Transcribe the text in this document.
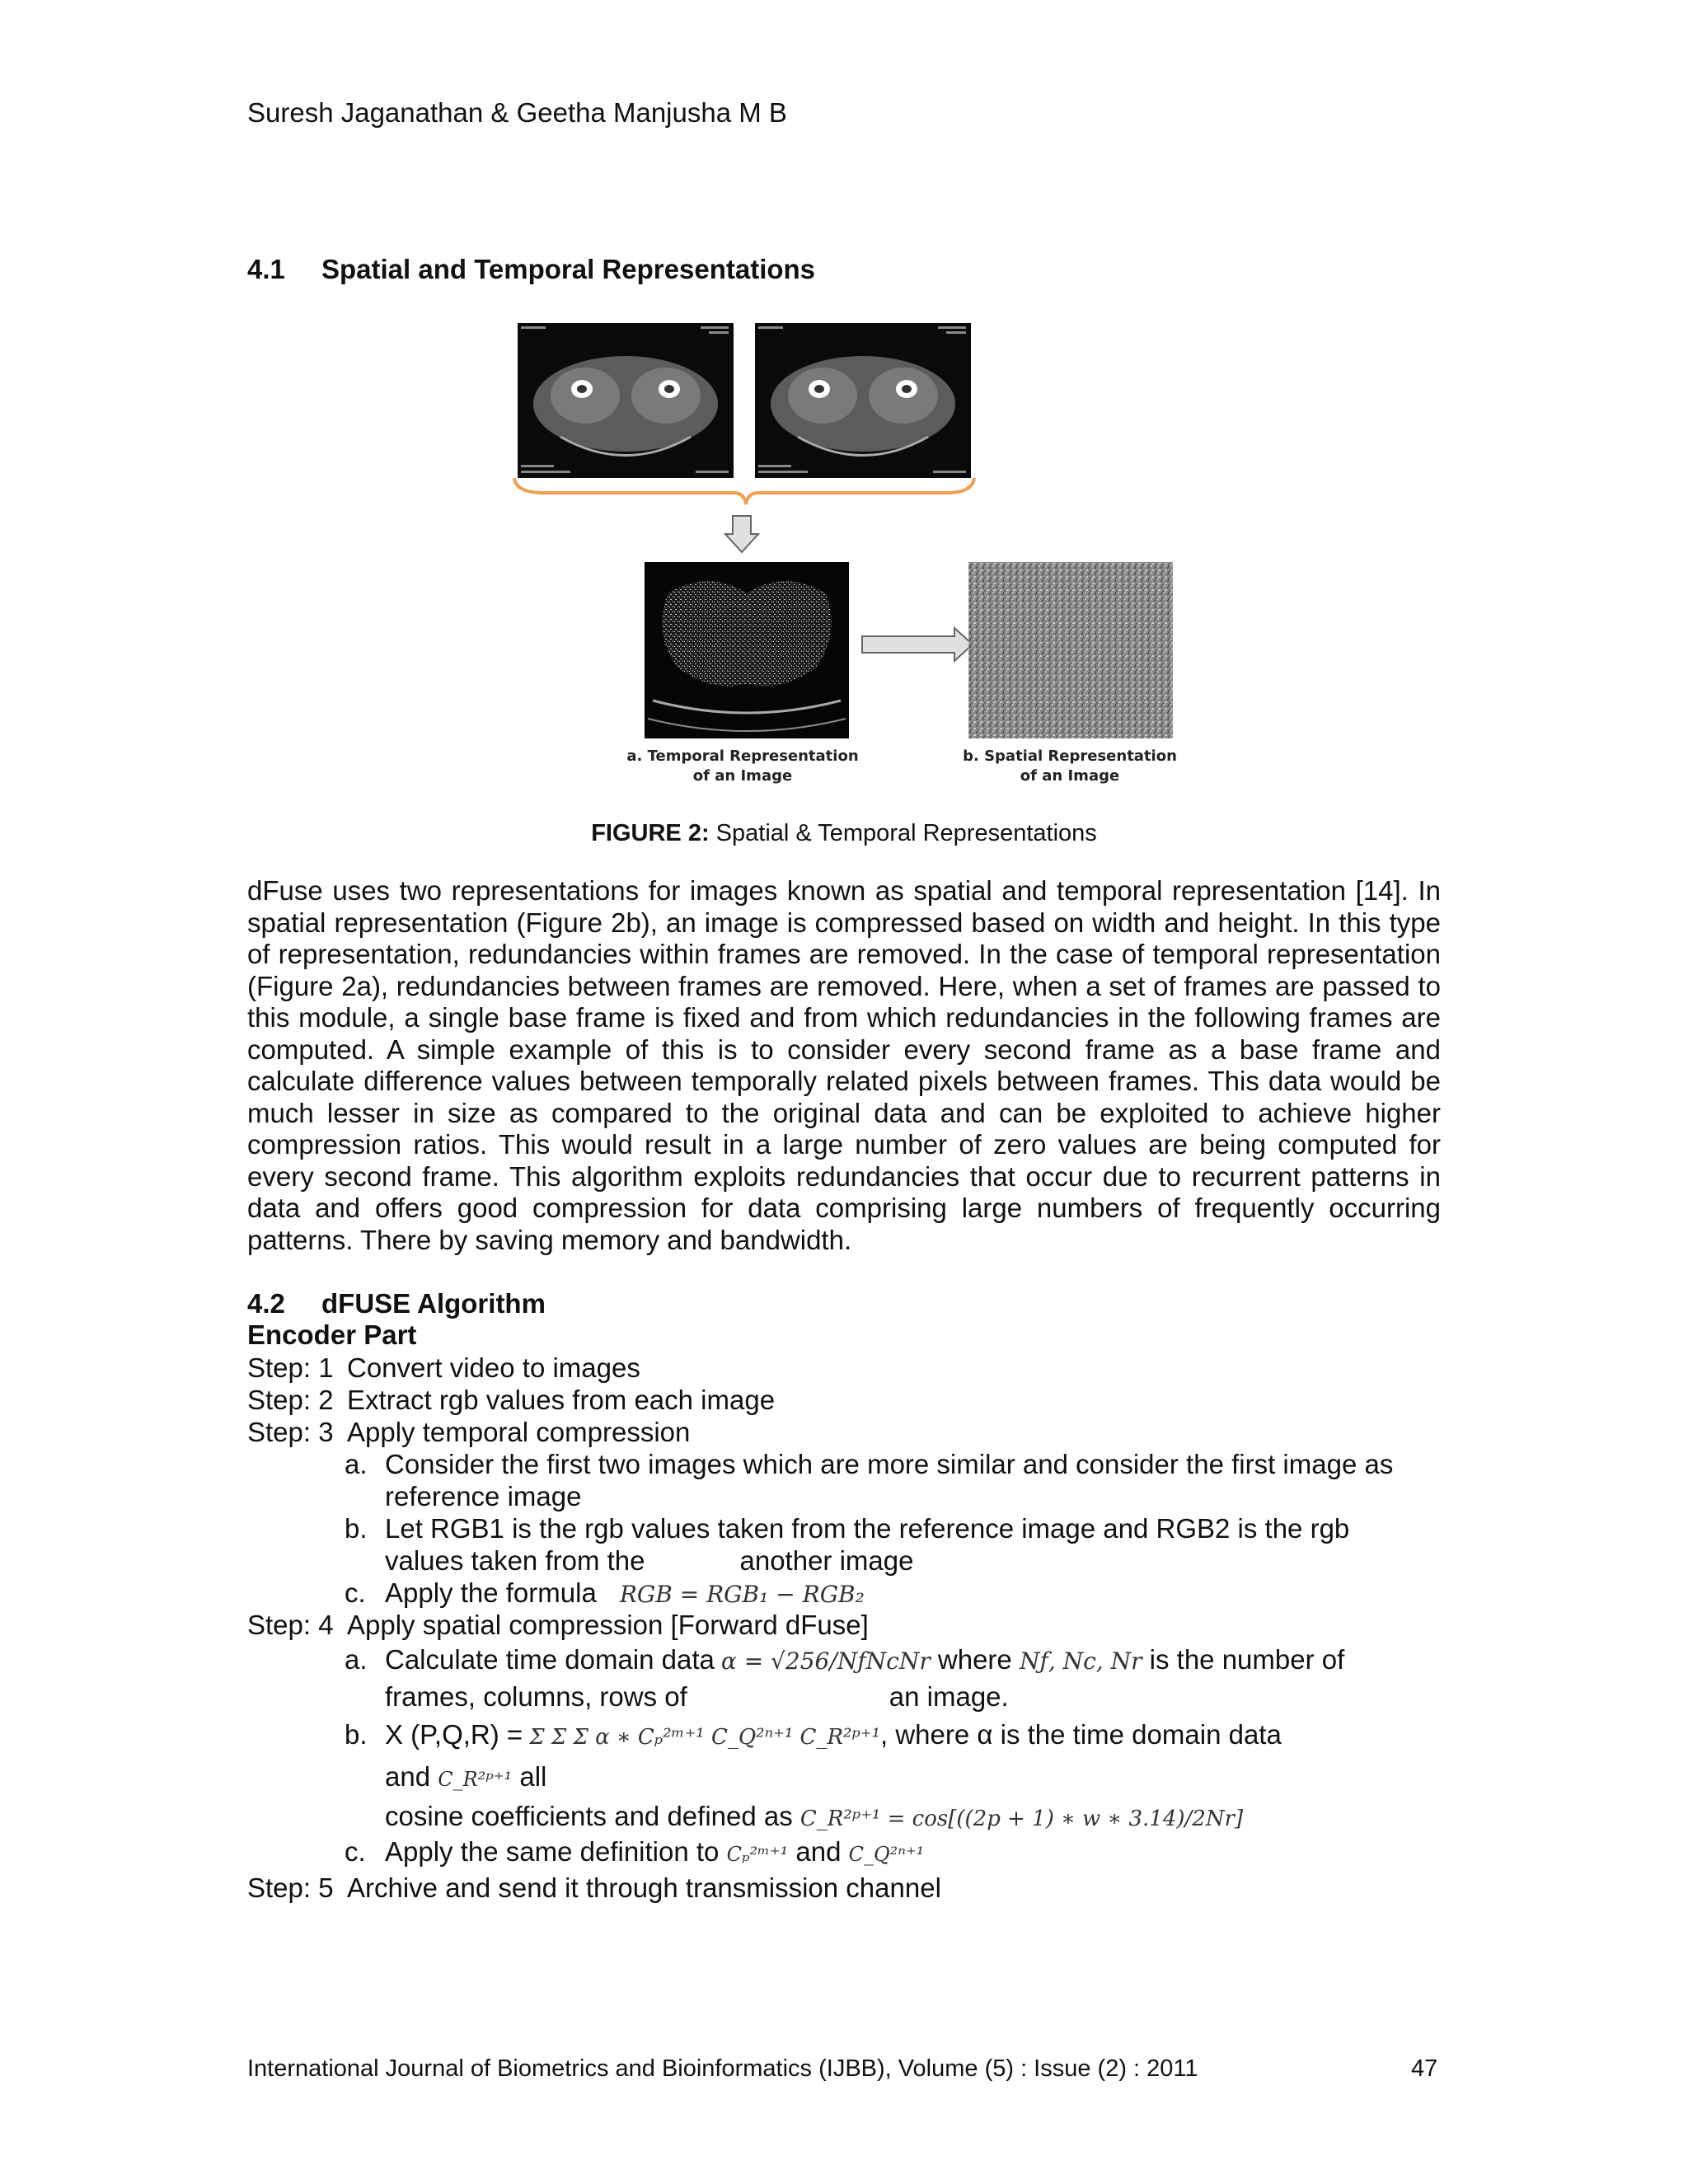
Suresh Jaganathan & Geetha Manjusha M B
4.1 Spatial and Temporal Representations
a. Temporal Representation
of an Image
b. Spatial Representation
of an Image
FIGURE 2: Spatial & Temporal Representations
dFuse uses two representations for images known as spatial and temporal representation [14]. In spatial representation (Figure 2b), an image is compressed based on width and height. In this type of representation, redundancies within frames are removed. In the case of temporal representation (Figure 2a), redundancies between frames are removed. Here, when a set of frames are passed to this module, a single base frame is fixed and from which redundancies in the following frames are computed. A simple example of this is to consider every second frame as a base frame and calculate difference values between temporally related pixels between frames. This data would be much lesser in size as compared to the original data and can be exploited to achieve higher compression ratios. This would result in a large number of zero values are being computed for every second frame. This algorithm exploits redundancies that occur due to recurrent patterns in data and offers good compression for data comprising large numbers of frequently occurring patterns. There by saving memory and bandwidth.
4.2 dFUSE Algorithm
Encoder Part
Step: 1 Convert video to images
Step: 2 Extract rgb values from each image
Step: 3 Apply temporal compression
a. Consider the first two images which are more similar and consider the first image as
reference image
b. Let RGB1 is the rgb values taken from the reference image and RGB2 is the rgb
values taken from the	another image
c. Apply the formula RGB = RGB₁ − RGB₂
Step: 4 Apply spatial compression [Forward dFuse]
a. Calculate time domain data α = √256/NƒNcNr where Nƒ, Nc, Nr is the number of
frames, columns, rows of	an image.
b. X (P,Q,R) = Σ Σ Σ α ∗ Cₚ²ᵐ⁺¹ C_Q²ⁿ⁺¹ C_R²ᵖ⁺¹, where α is the time domain data
and C_R²ᵖ⁺¹ all
cosine coefficients and defined as C_R²ᵖ⁺¹ = cos[((2p + 1) ∗ w ∗ 3.14)/2Nr]
c. Apply the same definition to Cₚ²ᵐ⁺¹ and C_Q²ⁿ⁺¹
Step: 5 Archive and send it through transmission channel
International Journal of Biometrics and Bioinformatics (IJBB), Volume (5) : Issue (2) : 2011	47
